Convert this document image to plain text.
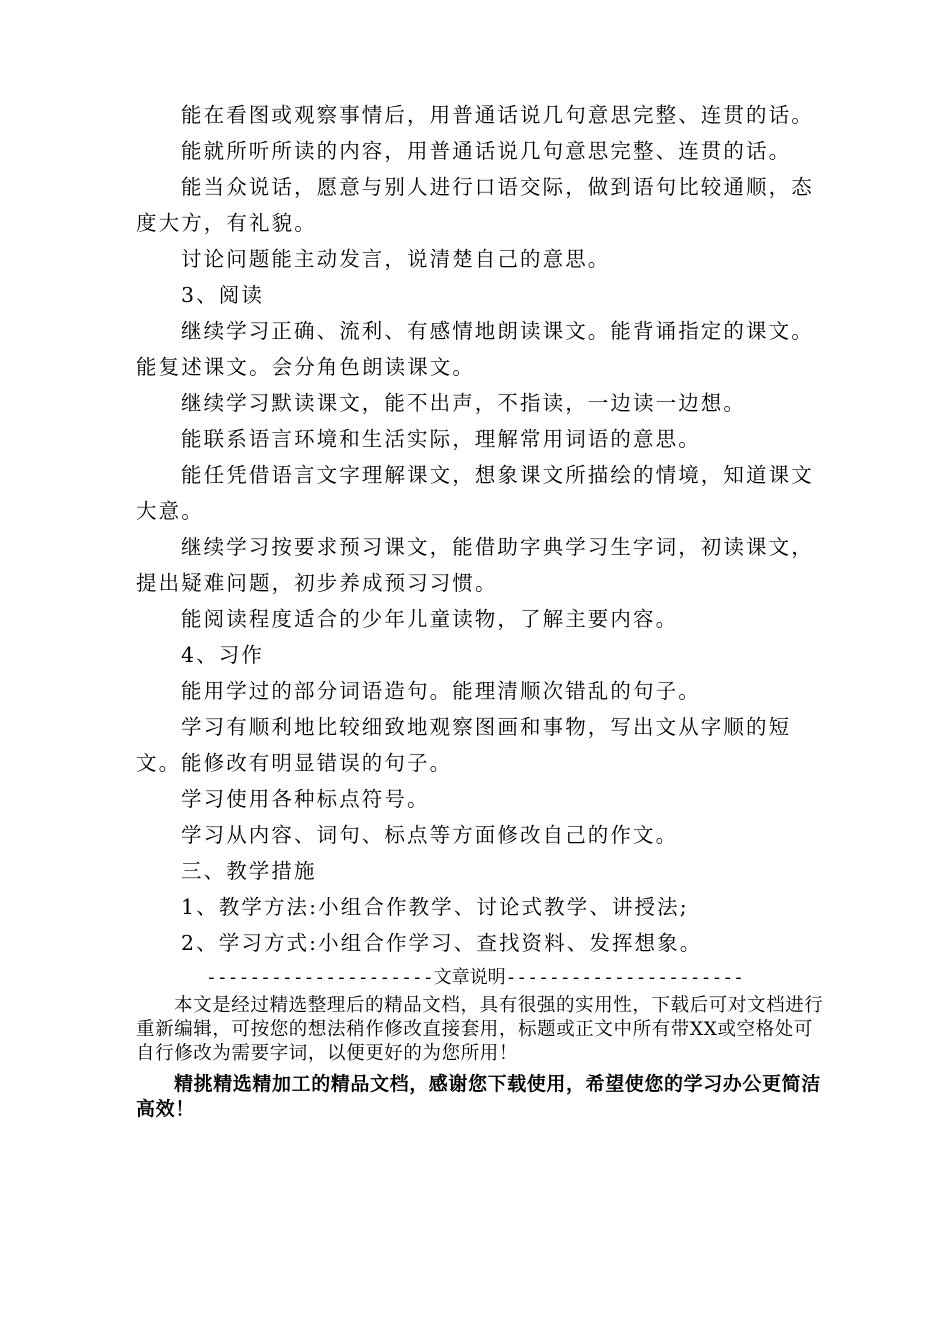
能在看图或观察事情后，用普通话说几句意思完整、连贯的话。

能就所听所读的内容，用普通话说几句意思完整、连贯的话。

能当众说话，愿意与别人进行口语交际，做到语句比较通顺，态度大方，有礼貌。

讨论问题能主动发言，说清楚自己的意思。

3、阅读

继续学习正确、流利、有感情地朗读课文。能背诵指定的课文。能复述课文。会分角色朗读课文。

继续学习默读课文，能不出声，不指读，一边读一边想。

能联系语言环境和生活实际，理解常用词语的意思。

能任凭借语言文字理解课文，想象课文所描绘的情境，知道课文大意。

继续学习按要求预习课文，能借助字典学习生字词，初读课文，提出疑难问题，初步养成预习习惯。

能阅读程度适合的少年儿童读物，了解主要内容。

4、习作

能用学过的部分词语造句。能理清顺次错乱的句子。

学习有顺利地比较细致地观察图画和事物，写出文从字顺的短文。 能修改有明显错误的句子。

学习使用各种标点符号。

学习从内容、词句、标点等方面修改自己的作文。

三、教学措施

1、教学方法:小组合作教学、讨论式教学、讲授法;

2、学习方式:小组合作学习、查找资料、发挥想象。

---------------------文章说明----------------------

本文是经过精选整理后的精品文档，具有很强的实用性，下载后可对文档进行重新编辑，可按您的想法稍作修改直接套用，标题或正文中所有带XX或空格处可自行修改为需要字词，以便更好的为您所用！

精挑精选精加工的精品文档，感谢您下载使用，希望使您的学习办公更简洁高效！
